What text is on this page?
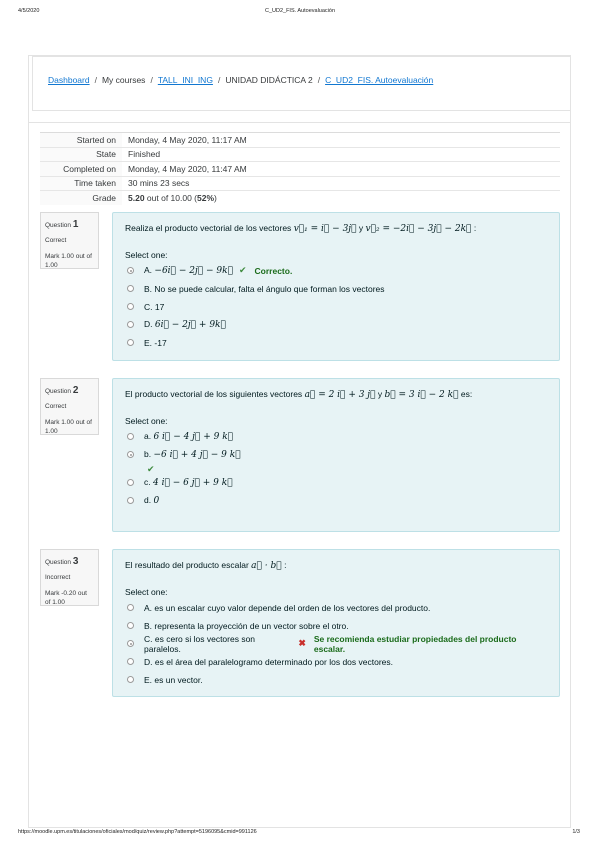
4/5/2020	C_UD2_FIS. Autoevaluación
Dashboard / My courses / TALL_INI_ING / UNIDAD DIDÁCTICA 2 / C_UD2_FIS. Autoevaluación
Started on	Monday, 4 May 2020, 11:17 AM
State	Finished
Completed on	Monday, 4 May 2020, 11:47 AM
Time taken	30 mins 23 secs
Grade	5.20 out of 10.00 (52%)
Question 1
Correct
Mark 1.00 out of 1.00
Realiza el producto vectorial de los vectores v⃗₁ = i⃗ − 3j⃗ y v⃗₂ = −2i⃗ − 3j⃗ − 2k⃗ :
Select one:
A. −6i⃗ − 2j⃗ − 9k⃗ ✔ Correcto.
B. No se puede calcular, falta el ángulo que forman los vectores
C. 17
D. 6i⃗ − 2j⃗ + 9k⃗
E. -17
Question 2
Correct
Mark 1.00 out of 1.00
El producto vectorial de los siguientes vectores a⃗ = 2 i⃗ + 3 j⃗ y b⃗ = 3 i⃗ − 2 k⃗ es:
Select one:
a. 6 i⃗ − 4 j⃗ + 9 k⃗
b. −6 i⃗ + 4 j⃗ − 9 k⃗
✔
c. 4 i⃗ − 6 j⃗ + 9 k⃗
d. 0
Question 3
Incorrect
Mark -0.20 out of 1.00
El resultado del producto escalar a⃗ · b⃗ :
Select one:
A. es un escalar cuyo valor depende del orden de los vectores del producto.
B. representa la proyección de un vector sobre el otro.
C. es cero si los vectores son paralelos.
✖ Se recomienda estudiar propiedades del producto escalar.
D. es el área del paralelogramo determinado por los dos vectores.
E. es un vector.
https://moodle.upm.es/titulaciones/oficiales/mod/quiz/review.php?attempt=5196095&cmid=991126	1/3
